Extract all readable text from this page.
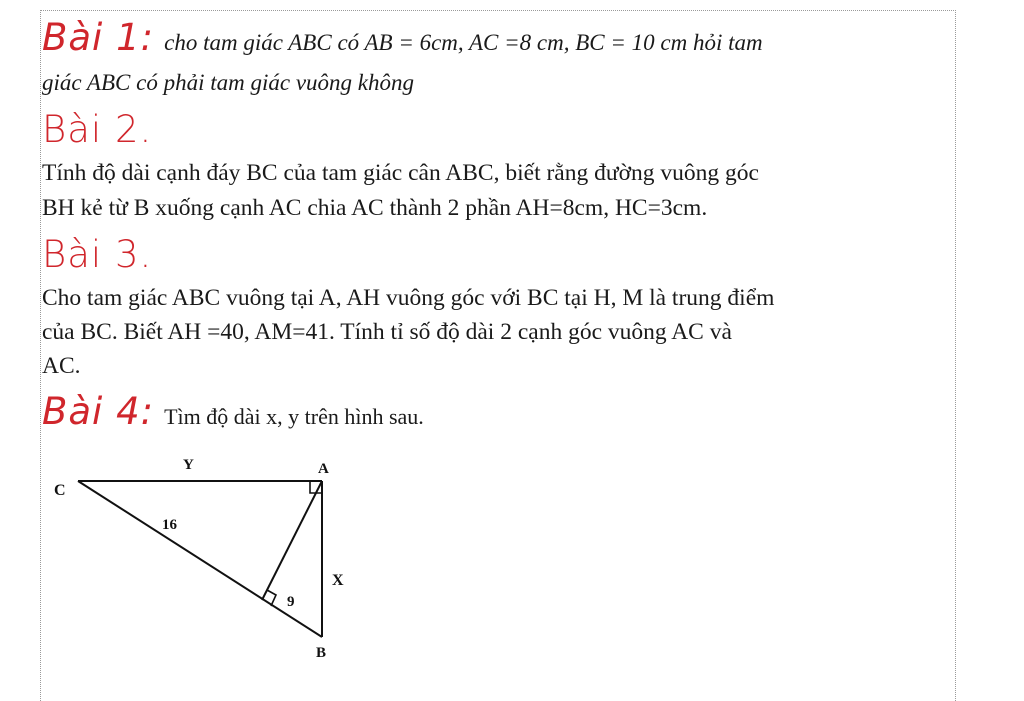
Bài 1: cho tam giác ABC có AB = 6cm, AC =8 cm, BC = 10 cm hỏi tam
giác ABC có phải tam giác vuông không
Bài 2.
Tính độ dài cạnh đáy BC của tam giác cân ABC, biết rằng đường vuông góc
BH kẻ từ B xuống cạnh AC chia AC thành 2 phần AH=8cm, HC=3cm.
Bài 3.
Cho tam giác ABC vuông tại A, AH vuông góc với BC tại H, M là trung điểm
của BC. Biết AH =40, AM=41. Tính tỉ số độ dài 2 cạnh góc vuông AC và
AC.
Bài 4: Tìm độ dài x, y trên hình sau.
C
A
B
Y
X
16
9
